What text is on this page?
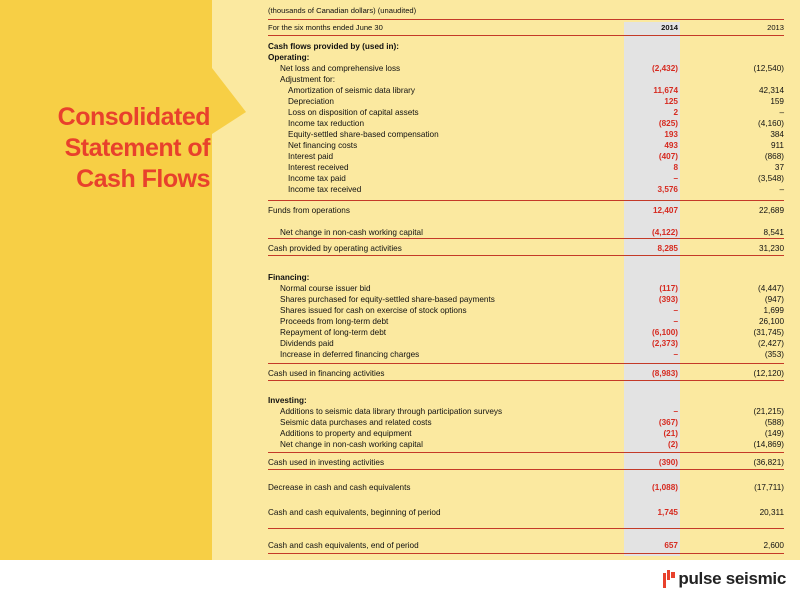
Consolidated
Statement of
Cash Flows
(thousands of Canadian dollars) (unaudited)
For the six months ended June 30	2014	2013
Cash flows provided by (used in):
Operating:
Net loss and comprehensive loss	(2,432)	(12,540)
Adjustment for:
Amortization of seismic data library	11,674	42,314
Depreciation	125	159
Loss on disposition of capital assets	2	–
Income tax reduction	(825)	(4,160)
Equity-settled share-based compensation	193	384
Net financing costs	493	911
Interest paid	(407)	(868)
Interest received	8	37
Income tax paid	–	(3,548)
Income tax received	3,576	–
Funds from operations	12,407	22,689
Net change in non-cash working capital	(4,122)	8,541
Cash provided by operating activities	8,285	31,230
Financing:
Normal course issuer bid	(117)	(4,447)
Shares purchased for equity-settled share-based payments	(393)	(947)
Shares issued for cash on exercise of stock options	–	1,699
Proceeds from long-term debt	–	26,100
Repayment of long-term debt	(6,100)	(31,745)
Dividends paid	(2,373)	(2,427)
Increase in deferred financing charges	–	(353)
Cash used in financing activities	(8,983)	(12,120)
Investing:
Additions to seismic data library through participation surveys	–	(21,215)
Seismic data purchases and related costs	(367)	(588)
Additions to property and equipment	(21)	(149)
Net change in non-cash working capital	(2)	(14,869)
Cash used in investing activities	(390)	(36,821)
Decrease in cash and cash equivalents	(1,088)	(17,711)
Cash and cash equivalents, beginning of period	1,745	20,311
Cash and cash equivalents, end of period	657	2,600
pulse seismic
